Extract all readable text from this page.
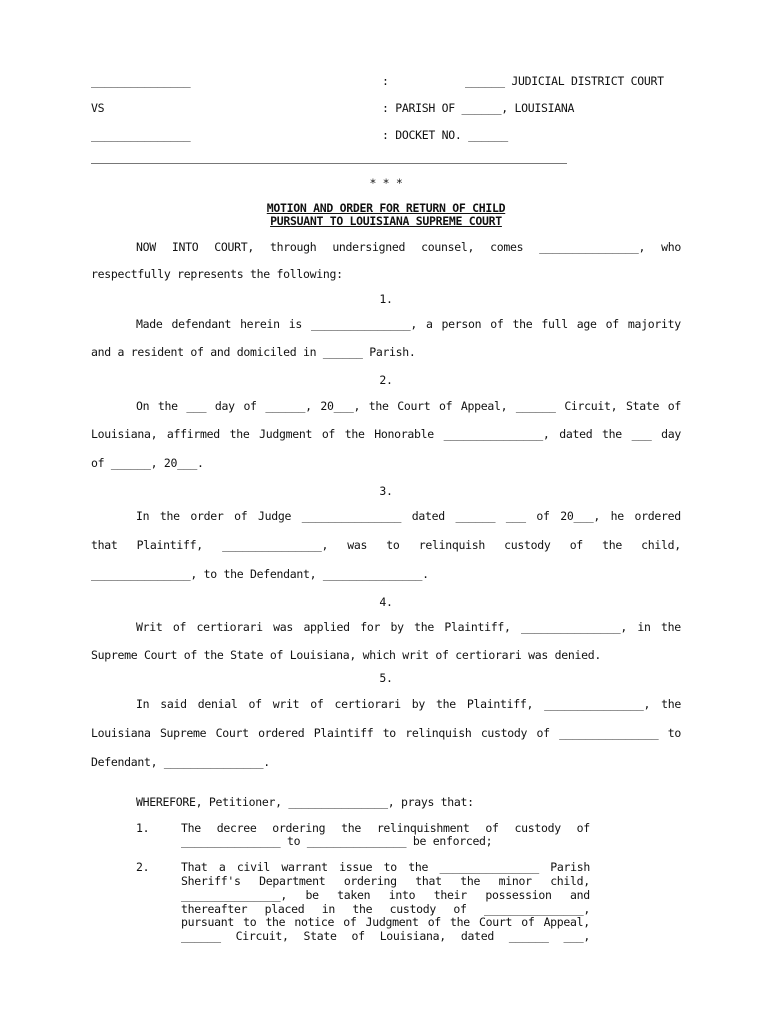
_______________	:	______ JUDICIAL DISTRICT COURT
VS	: PARISH OF ______, LOUISIANA
_______________	: DOCKET NO. ______
* * *
MOTION AND ORDER FOR RETURN OF CHILD
PURSUANT TO LOUISIANA SUPREME COURT
NOW INTO COURT, through undersigned counsel, comes _______________, who
respectfully represents the following:
1.
Made defendant herein is _______________, a person of the full age of majority
and a resident of and domiciled in ______ Parish.
2.
On the ___ day of ______, 20___, the Court of Appeal, ______ Circuit, State of
Louisiana, affirmed the Judgment of the Honorable _______________, dated the ___ day
of ______, 20___.
3.
In the order of Judge _______________ dated ______ ___ of 20___, he ordered
that Plaintiff, _______________, was to relinquish custody of the child,
_______________, to the Defendant, _______________.
4.
Writ of certiorari was applied for by the Plaintiff, _______________, in the
Supreme Court of the State of Louisiana, which writ of certiorari was denied.
5.
In said denial of writ of certiorari by the Plaintiff, _______________, the
Louisiana Supreme Court ordered Plaintiff to relinquish custody of _______________ to
Defendant, _______________.
WHEREFORE, Petitioner, _______________, prays that:
1.	The decree ordering the relinquishment of custody of
_______________ to _______________ be enforced;
2.	That a civil warrant issue to the _______________ Parish
Sheriff's Department ordering that the minor child,
_______________, be taken into their possession and
thereafter placed in the custody of _______________,
pursuant to the notice of Judgment of the Court of Appeal,
______ Circuit, State of Louisiana, dated ______ ___,
